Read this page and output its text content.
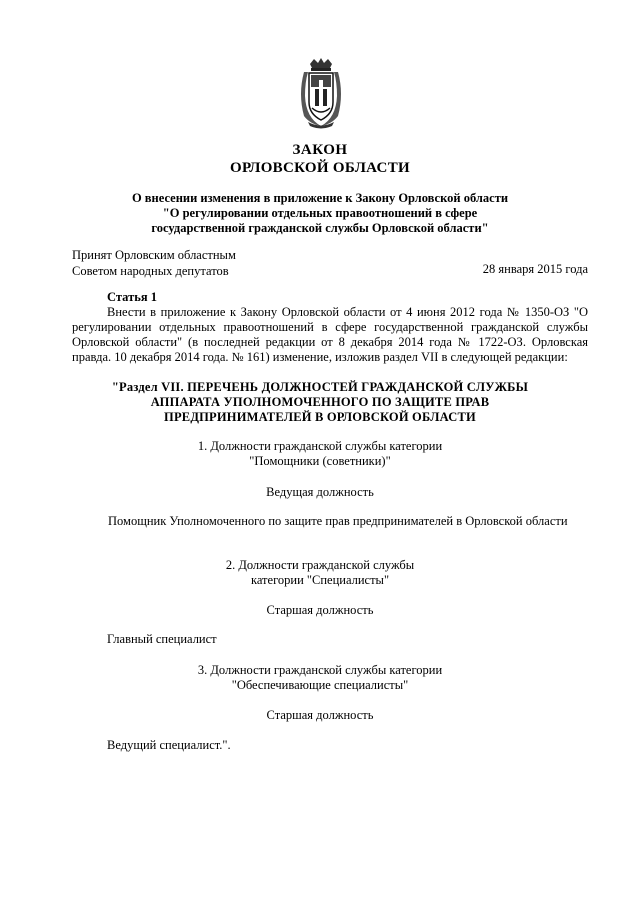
ЗАКОН

ОРЛОВСКОЙ ОБЛАСТИ

О внесении изменения в приложение к Закону Орловской области

"О регулировании отдельных правоотношений в сфере

государственной гражданской службы Орловской области"

Принят Орловским областным
Советом народных депутатов	28 января 2015 года
Статья 1

Внести в приложение к Закону Орловской области от 4 июня 2012 года № 1350-ОЗ "О регулировании отдельных правоотношений в сфере государственной гражданской службы Орловской области" (в последней редакции от 8 декабря 2014 года № 1722-ОЗ. Орловская правда. 10 декабря 2014 года. № 161) изменение, изложив раздел VII в следующей редакции:

"Раздел VII. ПЕРЕЧЕНЬ ДОЛЖНОСТЕЙ ГРАЖДАНСКОЙ СЛУЖБЫ

АППАРАТА УПОЛНОМОЧЕННОГО ПО ЗАЩИТЕ ПРАВ

ПРЕДПРИНИМАТЕЛЕЙ В ОРЛОВСКОЙ ОБЛАСТИ

1. Должности гражданской службы категории

"Помощники (советники)"

Ведущая должность

Помощник Уполномоченного по защите прав предпринимателей в Орловской области

2. Должности гражданской службы

категории "Специалисты"

Старшая должность

Главный специалист

3. Должности гражданской службы категории

"Обеспечивающие специалисты"

Старшая должность

Ведущий специалист.".
